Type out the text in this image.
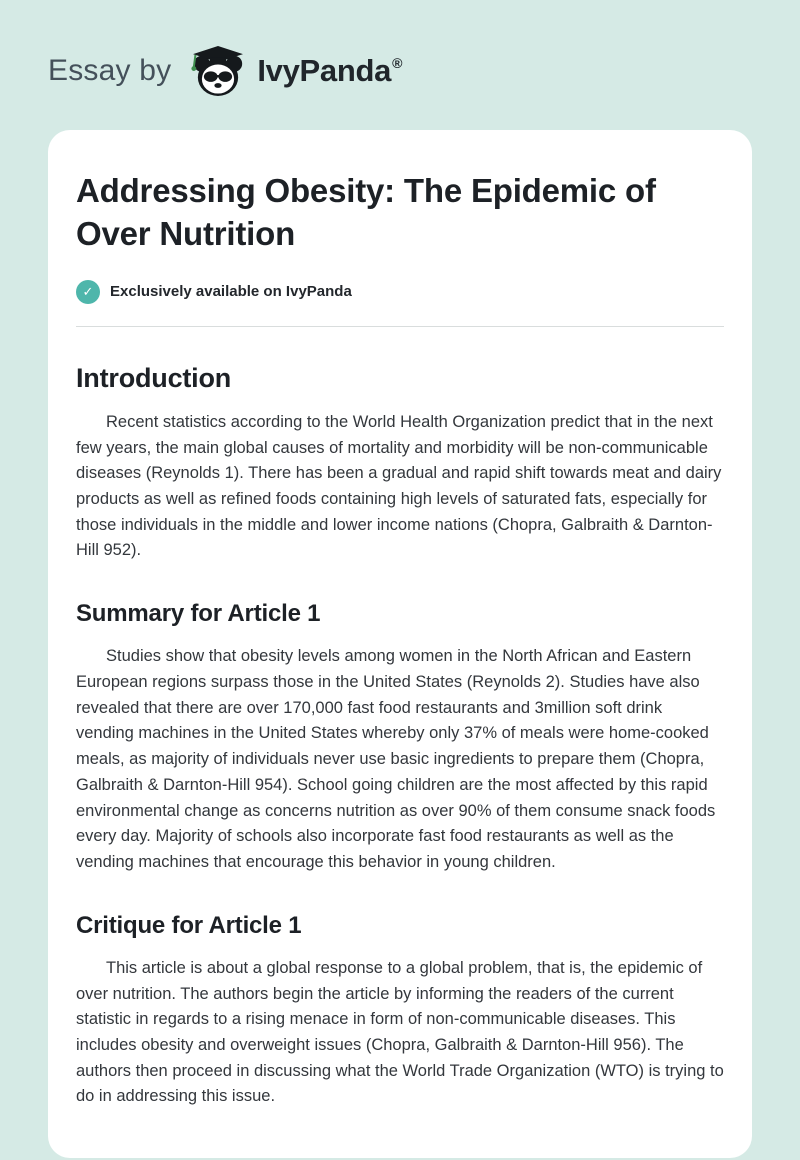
Essay by	IvyPanda ®
Addressing Obesity: The Epidemic of Over Nutrition
✓	Exclusively available on IvyPanda
Introduction

Recent statistics according to the World Health Organization predict that in the next few years, the main global causes of mortality and morbidity will be non-communicable diseases (Reynolds 1). There has been a gradual and rapid shift towards meat and dairy products as well as refined foods containing high levels of saturated fats, especially for those individuals in the middle and lower income nations (Chopra, Galbraith & Darnton-Hill 952).

Summary for Article 1

Studies show that obesity levels among women in the North African and Eastern European regions surpass those in the United States (Reynolds 2). Studies have also revealed that there are over 170,000 fast food restaurants and 3million soft drink vending machines in the United States whereby only 37% of meals were home-cooked meals, as majority of individuals never use basic ingredients to prepare them (Chopra, Galbraith & Darnton-Hill 954). School going children are the most affected by this rapid environmental change as concerns nutrition as over 90% of them consume snack foods every day. Majority of schools also incorporate fast food restaurants as well as the vending machines that encourage this behavior in young children.

Critique for Article 1

This article is about a global response to a global problem, that is, the epidemic of over nutrition. The authors begin the article by informing the readers of the current statistic in regards to a rising menace in form of non-communicable diseases. This includes obesity and overweight issues (Chopra, Galbraith & Darnton-Hill 956). The authors then proceed in discussing what the World Trade Organization (WTO) is trying to do in addressing this issue.
